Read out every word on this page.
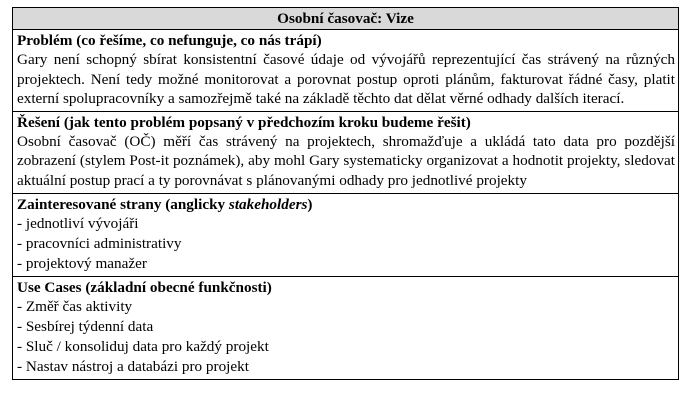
Osobní časovač: Vize

Problém (co řešíme, co nefunguje, co nás trápí)
Gary není schopný sbírat konsistentní časové údaje od vývojářů reprezentující čas strávený na různých projektech. Není tedy možné monitorovat a porovnat postup oproti plánům, fakturovat řádné časy, platit externí spolupracovníky a samozřejmě také na základě těchto dat dělat věrné odhady dalších iterací.

Řešení (jak tento problém popsaný v předchozím kroku budeme řešit)
Osobní časovač (OČ) měří čas strávený na projektech, shromažďuje a ukládá tato data pro pozdější zobrazení (stylem Post-it poznámek), aby mohl Gary systematicky organizovat a hodnotit projekty, sledovat aktuální postup prací a ty porovnávat s plánovanými odhady pro jednotlivé projekty

Zainteresované strany (anglicky stakeholders)
- jednotliví vývojáři
- pracovníci administrativy
- projektový manažer

Use Cases (základní obecné funkčnosti)
- Změř čas aktivity
- Sesbírej týdenní data
- Sluč / konsoliduj data pro každý projekt
- Nastav nástroj a databázi pro projekt
